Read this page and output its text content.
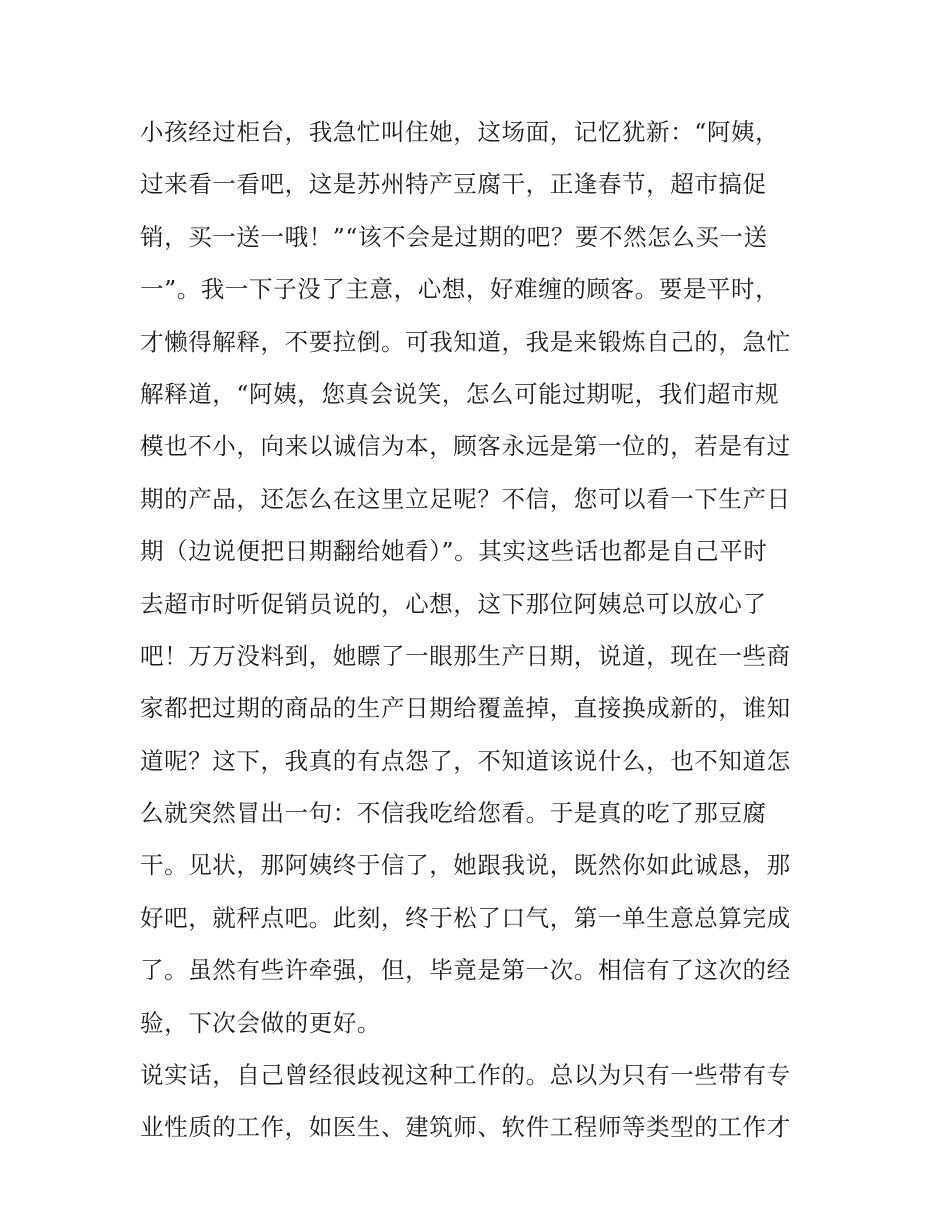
小孩经过柜台，我急忙叫住她，这场面，记忆犹新：“阿姨，
过来看一看吧，这是苏州特产豆腐干，正逢春节，超市搞促
销，买一送一哦！”“该不会是过期的吧？要不然怎么买一送
一”。我一下子没了主意，心想，好难缠的顾客。要是平时，
才懒得解释，不要拉倒。可我知道，我是来锻炼自己的，急忙
解释道，“阿姨，您真会说笑，怎么可能过期呢，我们超市规
模也不小，向来以诚信为本，顾客永远是第一位的，若是有过
期的产品，还怎么在这里立足呢？不信，您可以看一下生产日
期（边说便把日期翻给她看）”。其实这些话也都是自己平时
去超市时听促销员说的，心想，这下那位阿姨总可以放心了
吧！万万没料到，她瞟了一眼那生产日期，说道，现在一些商
家都把过期的商品的生产日期给覆盖掉，直接换成新的，谁知
道呢？这下，我真的有点怨了，不知道该说什么，也不知道怎
么就突然冒出一句：不信我吃给您看。于是真的吃了那豆腐
干。见状，那阿姨终于信了，她跟我说，既然你如此诚恳，那
好吧，就秤点吧。此刻，终于松了口气，第一单生意总算完成
了。虽然有些许牵强，但，毕竟是第一次。相信有了这次的经
验，下次会做的更好。
说实话，自己曾经很歧视这种工作的。总以为只有一些带有专
业性质的工作，如医生、建筑师、软件工程师等类型的工作才
